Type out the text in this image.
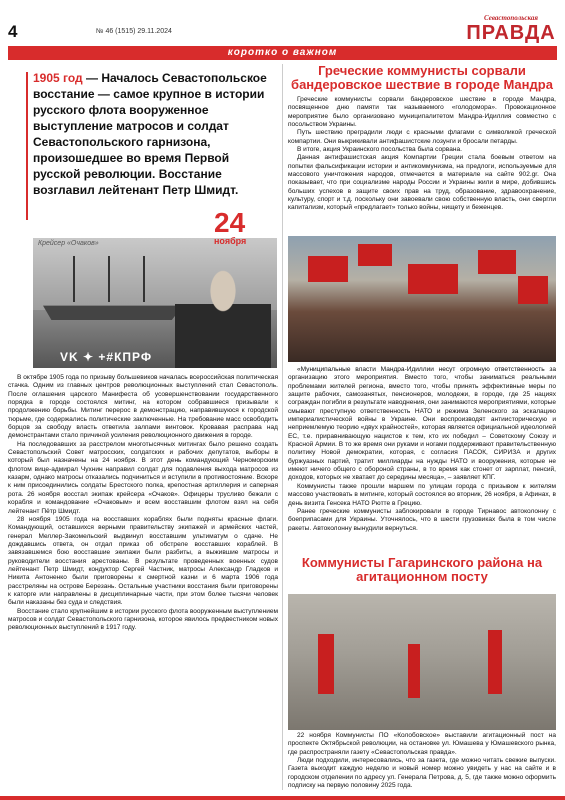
4	№ 46 (1515) 29.11.2024
Севастопольская
ПРАВДА
коротко о важном
1905 год — Началось Севастопольское восстание — самое крупное в истории русского флота вооруженное выступление матросов и солдат Севастопольского гарнизона, произошедшее во время Первой русской революции. Восстание возглавил лейтенант Петр Шмидт.
Крейсер «Очаков»
24
ноября
VK ✦ +#КПРФ

В октябре 1905 года по призыву большевиков началась всероссийская политическая стачка. Одним из главных центров революционных выступлений стал Севастополь. После оглашения царского Манифеста об усовершенствовании государственного порядка в городе состоялся митинг, на котором собравшиеся призывали к продолжению борьбы. Митинг перерос в демонстрацию, направившуюся к городской тюрьме, где содержались политические заключенные. На требование масс освободить борцов за свободу власть ответила залпами винтовок. Кровавая расправа над демонстрантами стало причиной усиления революционного движения в городе.

На последовавших за расстрелом многотысячных митингах было решено создать Севастопольский Совет матросских, солдатских и рабочих депутатов, выборы в который был назначены на 24 ноября. В этот день командующий Черноморским флотом вице-адмирал Чухнин направил солдат для подавления выхода матросов из казарм, однако матросы отказались подчиниться и вступили в противостояние. Вскоре к ним присоединились солдаты Брестского полка, крепостная артиллерия и саперная рота. 26 ноября восстал экипаж крейсера «Очаков». Офицеры трусливо бежали с корабля и командование «Очаковым» и всем восставшим флотом взял на себя лейтенант Пётр Шмидт.

28 ноября 1905 года на восставших кораблях были подняты красные флаги. Командующий, оставшихся верными правительству экипажей и армейских частей, генерал Меллер-Закомельский выдвинул восставшим ультиматум о сдаче. Не дождавшись ответа, он отдал приказ об обстреле восставших кораблей. В завязавшемся бою восставшие экипажи были разбиты, а выжившие матросы и руководители восстания арестованы. В результате проведенных военных судов лейтенант Петр Шмидт, кондуктор Сергей Частник, матросы Александр Гладков и Никита Антоненко были приговорены к смертной казни и 6 марта 1906 года расстреляны на острове Березань. Остальные участники восстания были приговорены к каторге или направлены в дисциплинарные части, при этом более тысячи человек были наказаны без суда и следствия.

Восстание стало крупнейшим в истории русского флота вооруженным выступлением матросов и солдат Севастопольского гарнизона, которое явилось предвестником новых революционных выступлений в 1917 году.

Греческие коммунисты сорвали бандеровское шествие в городе Мандра

Греческие коммунисты сорвали бандеровское шествие в городе Мандра, посвященное дню памяти так называемого «голодомора». Провокационное мероприятие было организовано муниципалитетом Мандра-Идиллия совместно с посольством Украины.

Путь шествию преградили люди с красными флагами с символикой греческой компартии. Они выкрикивали антифашистские лозунги и бросали петарды.

В итоге, акция Украинского посольства была сорвана.

Данная антифашистская акция Компартии Греции стала боевым ответом на попытки фальсификации истории и антикоммунизма, на предлоги, используемые для массового уничтожения народов, отмечается в материале на сайте 902.gr. Она показывает, что при социализме народы России и Украины жили в мире, добившись больших успехов в защите своих прав на труд, образование, здравоохранение, культуру, спорт и т.д. поскольку они завоевали свою собственную власть, они свергли капитализм, который «предлагает» только войны, нищету и беженцев.

«Муниципальные власти Мандра-Идиллии несут огромную ответственность за организацию этого мероприятия. Вместо того, чтобы заниматься реальными проблемами жителей региона, вместо того, чтобы принять эффективные меры по защите рабочих, самозанятых, пенсионеров, молодежи, в городе, где 25 нациях сограждан погибли в результате наводнения, они занимаются мероприятиями, которые смывают преступную ответственность НАТО и режима Зеленского за эскалацию империалистической войны в Украине. Они воспроизводят антиисторическую и неприемлемую теорию «двух крайностей», которая является официальной идеологией ЕС, т.е. приравнивающую нацистов к тем, кто их победил – Советскому Союзу и Красной Армии. В то же время они руками и ногами поддерживают правительственную политику Новой демократии, которая, с согласия ПАСОК, СИРИЗА и других буржуазных партий, тратит миллиарды на нужды НАТО и вооружения, которые не имеют ничего общего с обороной страны, в то время как стонет от зарплат, пенсий, доходов, которых не хватает до середины месяца», – заявляет КПГ.

Коммунисты также прошли маршем по улицам города с призывом к жителям массово участвовать в митинге, который состоялся во вторник, 26 ноября, в Афинах, в день визита Генсека НАТО Рютте в Грецию.

Ранее греческие коммунисты заблокировали в городе Тирнавос автоколонну с боеприпасами для Украины. Уточнялось, что в шести грузовиках была в том числе ракеты. Автоколонну вынудили вернуться.

Коммунисты Гагаринского района на агитационном посту

22 ноября Коммунисты ПО «Колобовское» выставили агитационный пост на проспекте Октябрьской революции, на остановке ул. Юмашева у Юмашевского рынка, где распространяли газету «Севастопольская правда».

Люди подходили, интересовались, что за газета, где можно читать свежие выпуски. Газета выходит каждую неделю и новый номер можно увидеть у нас на сайте и в городском отделении по адресу ул. Генерала Петрова, д. 5, где также можно оформить подписку на первую половину 2025 года.
